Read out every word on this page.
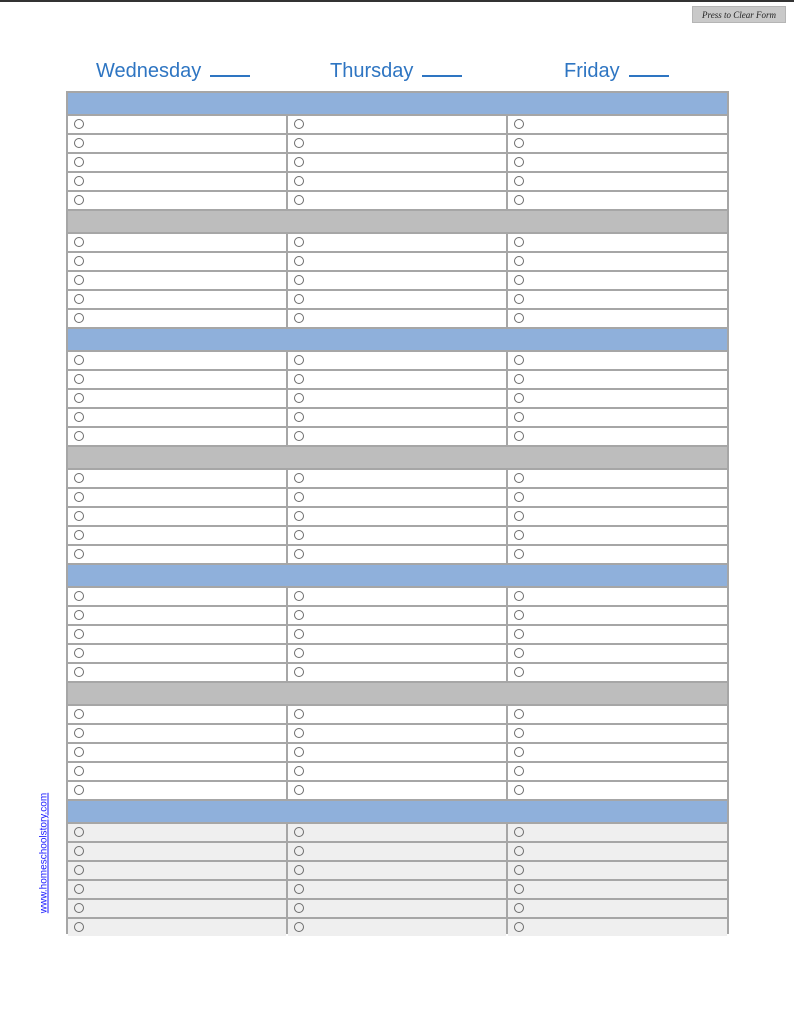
Press to Clear Form
Wednesday	Thursday	Friday
www.homeschoolstory.com
